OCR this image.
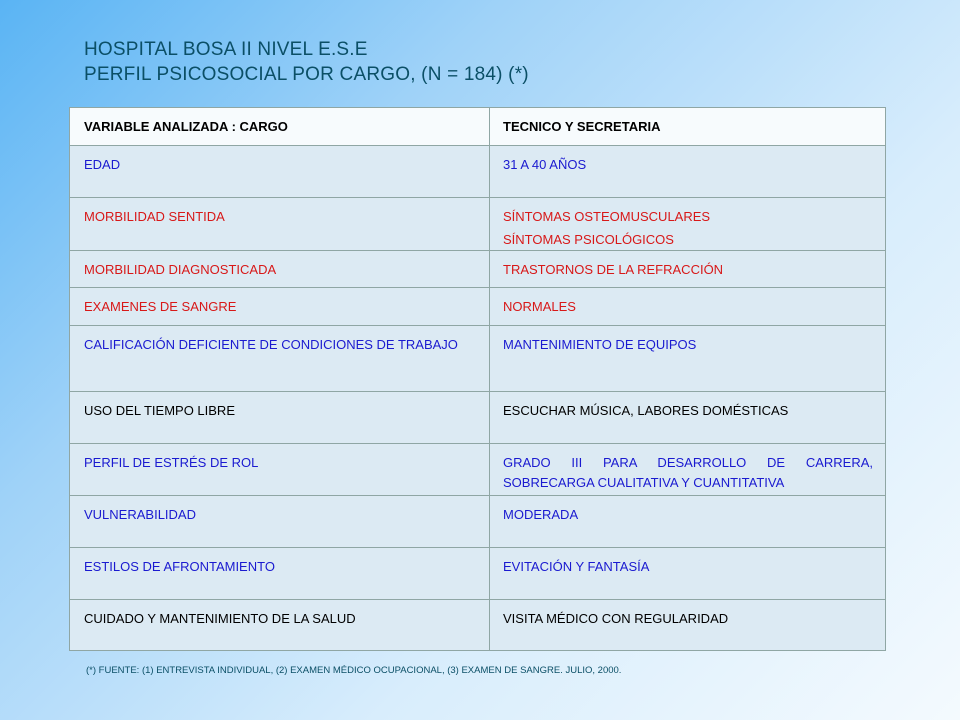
HOSPITAL BOSA II NIVEL E.S.E
PERFIL PSICOSOCIAL POR CARGO, (N = 184) (*)
VARIABLE ANALIZADA : CARGO	TECNICO Y SECRETARIA
EDAD	31 A 40 AÑOS
MORBILIDAD SENTIDA	SÍNTOMAS OSTEOMUSCULARES
SÍNTOMAS PSICOLÓGICOS

MORBILIDAD DIAGNOSTICADA	TRASTORNOS DE LA REFRACCIÓN
EXAMENES DE SANGRE	NORMALES
CALIFICACIÓN DEFICIENTE DE CONDICIONES DE TRABAJO	MANTENIMIENTO DE EQUIPOS
USO DEL TIEMPO LIBRE	ESCUCHAR MÚSICA, LABORES DOMÉSTICAS
PERFIL DE ESTRÉS DE ROL	GRADO III PARA DESARROLLO DE CARRERA, SOBRECARGA CUALITATIVA Y CUANTITATIVA
VULNERABILIDAD	MODERADA
ESTILOS DE AFRONTAMIENTO	EVITACIÓN Y FANTASÍA
CUIDADO Y MANTENIMIENTO DE LA SALUD	VISITA MÉDICO CON REGULARIDAD
(*) FUENTE: (1) ENTREVISTA INDIVIDUAL, (2) EXAMEN MÉDICO OCUPACIONAL, (3) EXAMEN DE SANGRE. JULIO, 2000.
